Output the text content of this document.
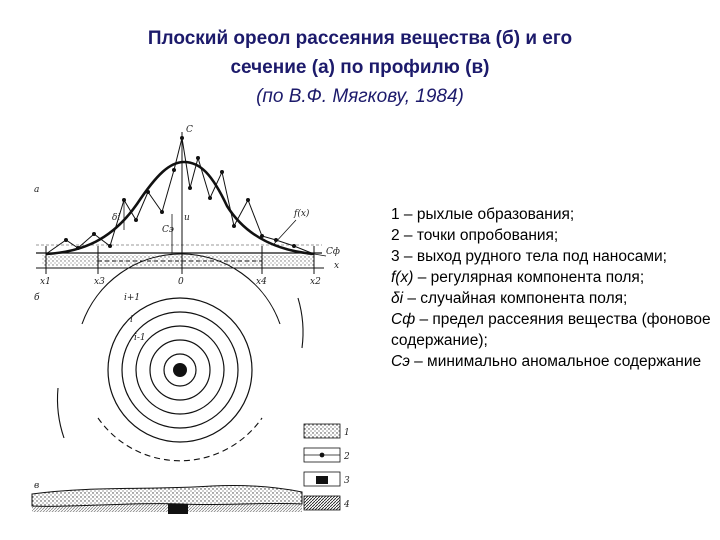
Плоский ореол рассеяния вещества (б) и его
сечение (а) по профилю (в)
(по В.Ф. Мягкову, 1984)
а
C
δi	u
Cэ
f(x)
Cф
x
x1	x3	0	x4	x2
б	i+1
i
i-1
1
2
3
4
в

1 – рыхлые образования;

2 – точки опробования;

3 – выход рудного тела под наносами;

f(x) – регулярная компонента поля;

δi – случайная компонента поля;

Cф – предел рассеяния вещества (фоновое содержание);

Cэ – минимально аномальное содержание
